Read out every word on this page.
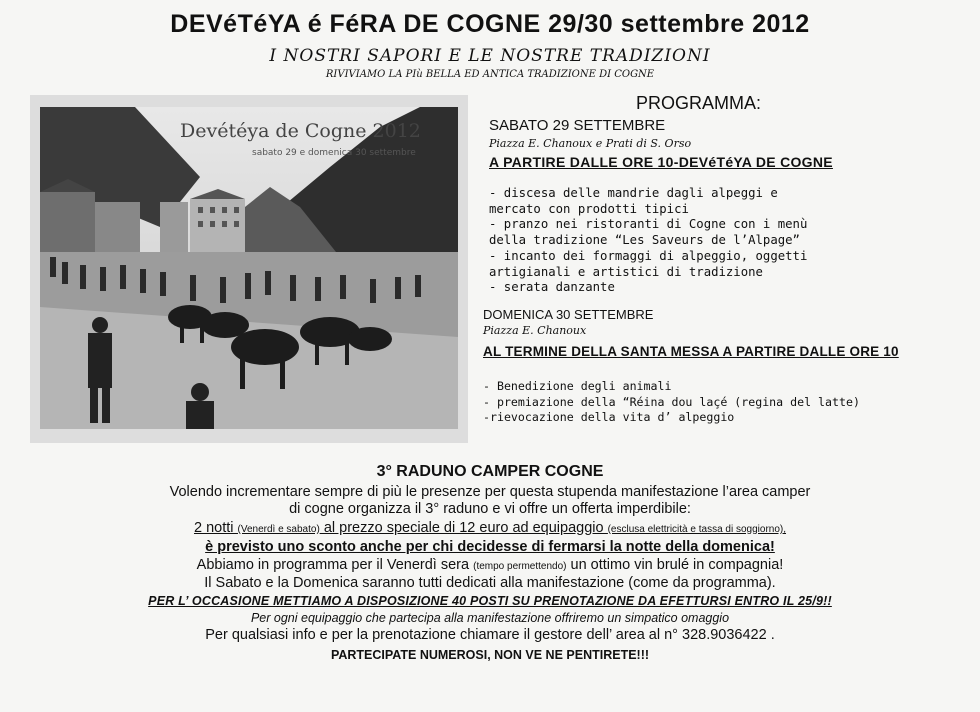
DEVéTéYA é FéRA DE COGNE 29/30 settembre 2012
I NOSTRI SAPORI E LE NOSTRE TRADIZIONI
RIVIVIAMO LA PIù BELLA ED ANTICA TRADIZIONE DI COGNE
Devétéya de Cogne 2012
sabato 29 e domenica 30 settembre
PROGRAMMA:
SABATO 29 SETTEMBRE
Piazza E. Chanoux e Prati di S. Orso
A PARTIRE DALLE ORE 10-DEVéTéYA DE COGNE
- discesa delle mandrie dagli alpeggi e
mercato con prodotti tipici
- pranzo nei ristoranti di Cogne con i menù
della tradizione “Les Saveurs de l’Alpage”
- incanto dei formaggi di alpeggio, oggetti
artigianali e artistici di tradizione
- serata danzante
DOMENICA 30 SETTEMBRE
Piazza E. Chanoux
AL TERMINE DELLA SANTA MESSA A PARTIRE DALLE ORE 10
- Benedizione degli animali
- premiazione della “Réina dou laçé (regina del latte)
-rievocazione della vita d’ alpeggio
3° RADUNO CAMPER COGNE
Volendo incrementare sempre di più le presenze per questa stupenda manifestazione l’area camper
di cogne organizza il 3° raduno e vi offre un offerta imperdibile:
2 notti (Venerdì e sabato) al prezzo speciale di 12 euro ad equipaggio (esclusa elettricità e tassa di soggiorno),
è previsto uno sconto anche per chi decidesse di fermarsi la notte della domenica!
Abbiamo in programma per il Venerdì sera (tempo permettendo) un ottimo vin brulé in compagnia!
Il Sabato e la Domenica saranno tutti dedicati alla manifestazione (come da programma).
PER L’ OCCASIONE METTIAMO A DISPOSIZIONE 40 POSTI SU PRENOTAZIONE DA EFETTURSI ENTRO IL 25/9!!
Per ogni equipaggio che partecipa alla manifestazione offriremo un simpatico omaggio
Per qualsiasi info e per la prenotazione chiamare il gestore dell’ area al n° 328.9036422 .
PARTECIPATE NUMEROSI, NON VE NE PENTIRETE!!!
